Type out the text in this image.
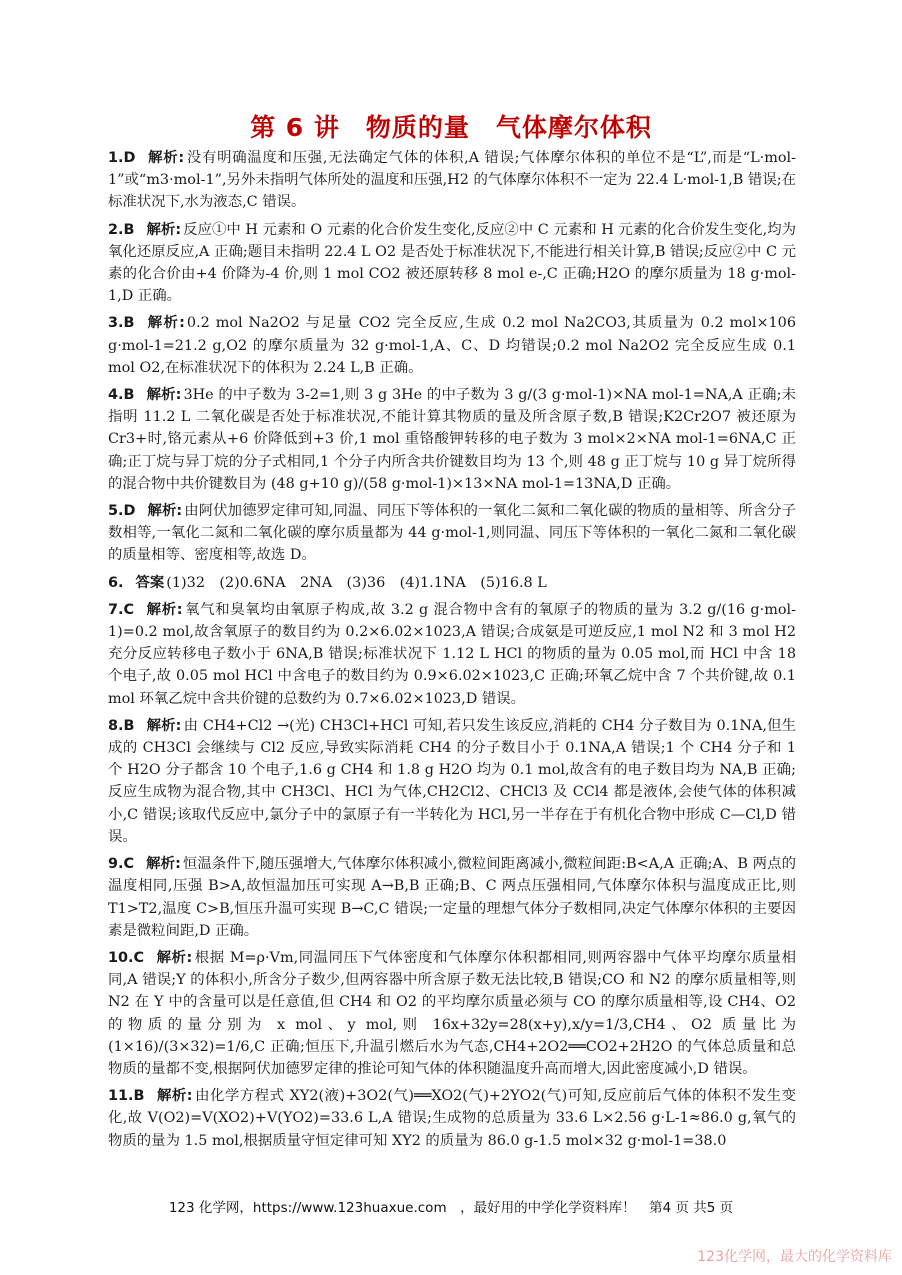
第 6 讲　物质的量　气体摩尔体积

1.D 解析: 没有明确温度和压强,无法确定气体的体积,A 错误;气体摩尔体积的单位不是“L”,而是“L·mol-1”或“m3·mol-1”,另外未指明气体所处的温度和压强,H2 的气体摩尔体积不一定为 22.4 L·mol-1,B 错误;在标准状况下,水为液态,C 错误。

2.B 解析: 反应①中 H 元素和 O 元素的化合价发生变化,反应②中 C 元素和 H 元素的化合价发生变化,均为氧化还原反应,A 正确;题目未指明 22.4 L O2 是否处于标准状况下,不能进行相关计算,B 错误;反应②中 C 元素的化合价由+4 价降为-4 价,则 1 mol CO2 被还原转移 8 mol e-,C 正确;H2O 的摩尔质量为 18 g·mol-1,D 正确。

3.B 解析: 0.2 mol Na2O2 与足量 CO2 完全反应,生成 0.2 mol Na2CO3,其质量为 0.2 mol×106 g·mol-1=21.2 g,O2 的摩尔质量为 32 g·mol-1,A、C、D 均错误;0.2 mol Na2O2 完全反应生成 0.1 mol O2,在标准状况下的体积为 2.24 L,B 正确。

4.B 解析: 3He 的中子数为 3-2=1,则 3 g 3He 的中子数为 3 g/(3 g·mol-1)×NA mol-1=NA,A 正确;未指明 11.2 L 二氧化碳是否处于标准状况,不能计算其物质的量及所含原子数,B 错误;K2Cr2O7 被还原为 Cr3+时,铬元素从+6 价降低到+3 价,1 mol 重铬酸钾转移的电子数为 3 mol×2×NA mol-1=6NA,C 正确;正丁烷与异丁烷的分子式相同,1 个分子内所含共价键数目均为 13 个,则 48 g 正丁烷与 10 g 异丁烷所得的混合物中共价键数目为 (48 g+10 g)/(58 g·mol-1)×13×NA mol-1=13NA,D 正确。

5.D 解析: 由阿伏加德罗定律可知,同温、同压下等体积的一氧化二氮和二氧化碳的物质的量相等、所含分子数相等,一氧化二氮和二氧化碳的摩尔质量都为 44 g·mol-1,则同温、同压下等体积的一氧化二氮和二氧化碳的质量相等、密度相等,故选 D。

6. 答案 (1)32　(2)0.6NA　2NA　(3)36　(4)1.1NA　(5)16.8 L

7.C 解析: 氧气和臭氧均由氧原子构成,故 3.2 g 混合物中含有的氧原子的物质的量为 3.2 g/(16 g·mol-1)=0.2 mol,故含氧原子的数目约为 0.2×6.02×1023,A 错误;合成氨是可逆反应,1 mol N2 和 3 mol H2 充分反应转移电子数小于 6NA,B 错误;标准状况下 1.12 L HCl 的物质的量为 0.05 mol,而 HCl 中含 18 个电子,故 0.05 mol HCl 中含电子的数目约为 0.9×6.02×1023,C 正确;环氧乙烷中含 7 个共价键,故 0.1 mol 环氧乙烷中含共价键的总数约为 0.7×6.02×1023,D 错误。

8.B 解析: 由 CH4+Cl2 →(光) CH3Cl+HCl 可知,若只发生该反应,消耗的 CH4 分子数目为 0.1NA,但生成的 CH3Cl 会继续与 Cl2 反应,导致实际消耗 CH4 的分子数目小于 0.1NA,A 错误;1 个 CH4 分子和 1 个 H2O 分子都含 10 个电子,1.6 g CH4 和 1.8 g H2O 均为 0.1 mol,故含有的电子数目均为 NA,B 正确;反应生成物为混合物,其中 CH3Cl、HCl 为气体,CH2Cl2、CHCl3 及 CCl4 都是液体,会使气体的体积减小,C 错误;该取代反应中,氯分子中的氯原子有一半转化为 HCl,另一半存在于有机化合物中形成 C—Cl,D 错误。

9.C 解析: 恒温条件下,随压强增大,气体摩尔体积减小,微粒间距离减小,微粒间距:B<A,A 正确;A、B 两点的温度相同,压强 B>A,故恒温加压可实现 A→B,B 正确;B、C 两点压强相同,气体摩尔体积与温度成正比,则 T1>T2,温度 C>B,恒压升温可实现 B→C,C 错误;一定量的理想气体分子数相同,决定气体摩尔体积的主要因素是微粒间距,D 正确。

10.C 解析: 根据 M=ρ·Vm,同温同压下气体密度和气体摩尔体积都相同,则两容器中气体平均摩尔质量相同,A 错误;Y 的体积小,所含分子数少,但两容器中所含原子数无法比较,B 错误;CO 和 N2 的摩尔质量相等,则 N2 在 Y 中的含量可以是任意值,但 CH4 和 O2 的平均摩尔质量必须与 CO 的摩尔质量相等,设 CH4、O2 的物质的量分别为 x mol、y mol,则 16x+32y=28(x+y),x/y=1/3,CH4、O2 质量比为 (1×16)/(3×32)=1/6,C 正确;恒压下,升温引燃后水为气态,CH4+2O2══CO2+2H2O 的气体总质量和总物质的量都不变,根据阿伏加德罗定律的推论可知气体的体积随温度升高而增大,因此密度减小,D 错误。

11.B 解析: 由化学方程式 XY2(液)+3O2(气)══XO2(气)+2YO2(气)可知,反应前后气体的体积不发生变化,故 V(O2)=V(XO2)+V(YO2)=33.6 L,A 错误;生成物的总质量为 33.6 L×2.56 g·L-1≈86.0 g,氧气的物质的量为 1.5 mol,根据质量守恒定律可知 XY2 的质量为 86.0 g-1.5 mol×32 g·mol-1=38.0

123 化学网，https://www.123huaxue.com　，最好用的中学化学资料库！　第4 页 共5 页

123化学网，最大的化学资料库
